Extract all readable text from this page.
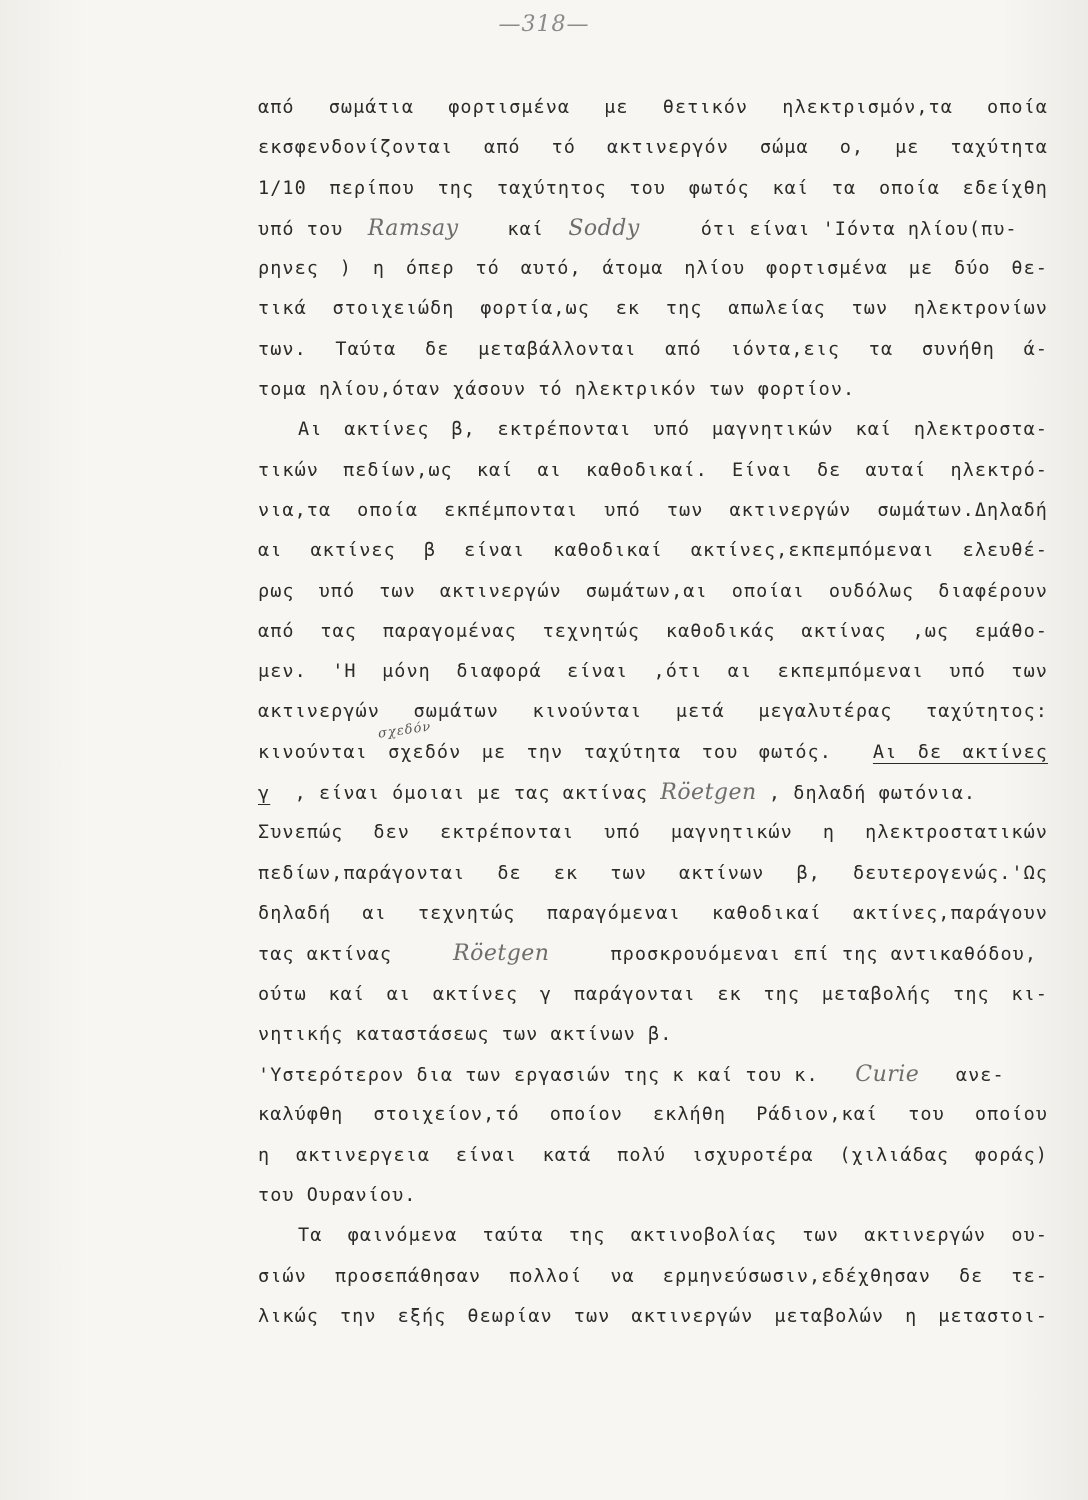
—318—
από σωμάτια φορτισμένα με θετικόν ηλεκτρισμόν,τα οποία
εκσφενδονίζονται από τό ακτινεργόν σώμα ο, με ταχύτητα
1/10 περίπου της ταχύτητος του φωτός καί τα οποία εδείχθη
υπό του Ramsay	καί Soddy	ότι είναι 'Ιόντα ηλίου(πυ-
ρηνες ) η όπερ τό αυτό, άτομα ηλίου φορτισμένα με δύο θε-
τικά στοιχειώδη φορτία,ως εκ της απωλείας των ηλεκτρονίων
των. Ταύτα δε μεταβάλλονται από ιόντα,εις τα συνήθη ά-
τομα ηλίου,όταν χάσουν τό ηλεκτρικόν των φορτίον.
Αι ακτίνες β, εκτρέπονται υπό μαγνητικών καί ηλεκτροστα-
τικών πεδίων,ως καί αι καθοδικαί. Είναι δε αυταί ηλεκτρό-
νια,τα οποία εκπέμπονται υπό των ακτινεργών σωμάτων.Δηλαδή
αι ακτίνες β είναι καθοδικαί ακτίνες,εκπεμπόμεναι ελευθέ-
ρως υπό των ακτινεργών σωμάτων,αι οποίαι ουδόλως διαφέρουν
από τας παραγομένας τεχνητώς καθοδικάς ακτίνας ,ως εμάθο-
μεν. 'Η μόνη διαφορά είναι ,ότι αι εκπεμπόμεναι υπό των
ακτινεργών σωμάτων κινούνται μετά μεγαλυτέρας ταχύτητος:
κινούνται σχεδόν με την ταχύτητα του φωτός. Αι δε ακτίνες
σχεδόν
γ , είναι όμοιαι με τας ακτίνας Röetgen , δηλαδή φωτόνια.
Συνεπώς δεν εκτρέπονται υπό μαγνητικών η ηλεκτροστατικών
πεδίων,παράγονται δε εκ των ακτίνων β, δευτερογενώς.'Ως
δηλαδή αι τεχνητώς παραγόμεναι καθοδικαί ακτίνες,παράγουν
τας ακτίνας	Röetgen	προσκρουόμεναι επί της αντικαθόδου,
ούτω καί αι ακτίνες γ παράγονται εκ της μεταβολής της κι-
νητικής καταστάσεως των ακτίνων β.
'Υστερότερον δια των εργασιών της κ καί του κ. Curie ανε-
καλύφθη στοιχείον,τό οποίον εκλήθη Ράδιον,καί του οποίου
η ακτινεργεια είναι κατά πολύ ισχυροτέρα (χιλιάδας φοράς)
του Ουρανίου.
Τα φαινόμενα ταύτα της ακτινοβολίας των ακτινεργών ου-
σιών προσεπάθησαν πολλοί να ερμηνεύσωσιν,εδέχθησαν δε τε-
λικώς την εξής θεωρίαν των ακτινεργών μεταβολών η μεταστοι-
